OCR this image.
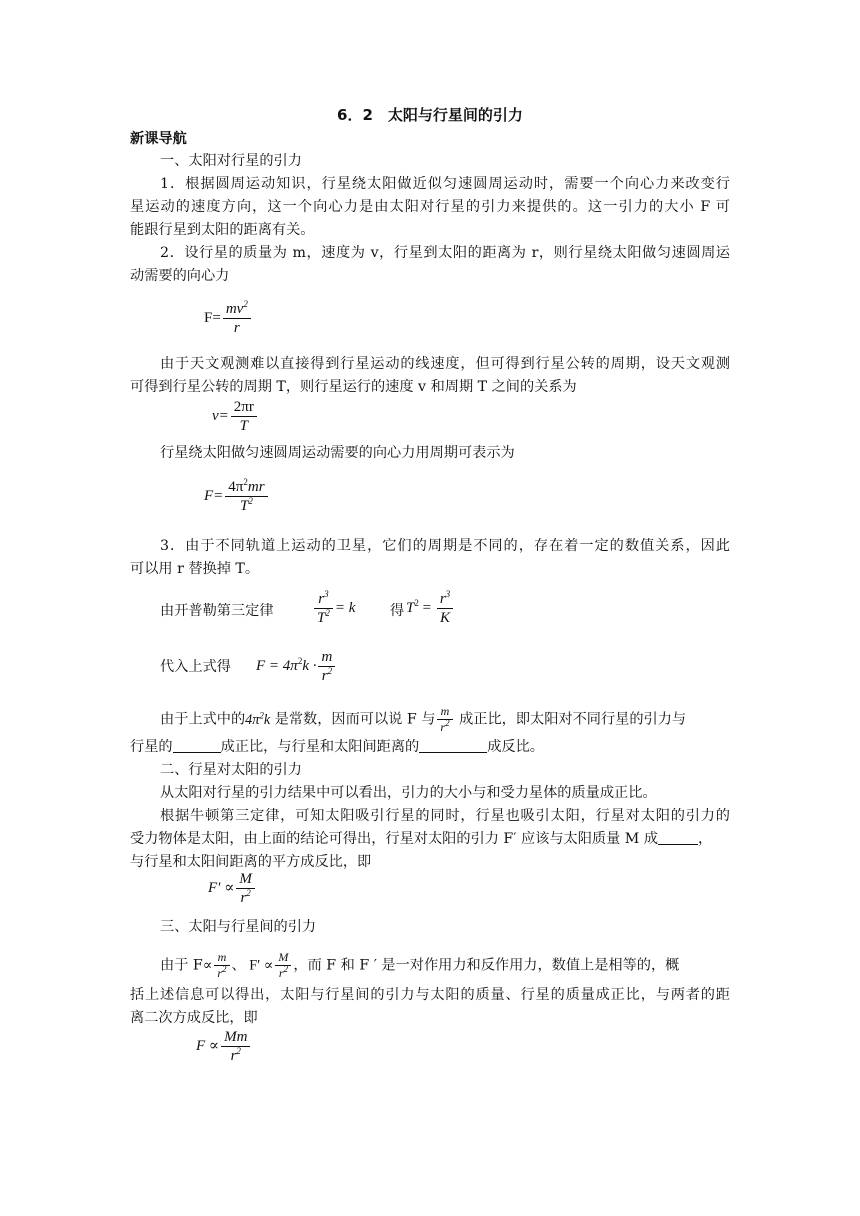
6．2　太阳与行星间的引力
新课导航
一、太阳对行星的引力
1．根据圆周运动知识，行星绕太阳做近似匀速圆周运动时，需要一个向心力来改变行
星运动的速度方向，这一个向心力是由太阳对行星的引力来提供的。这一引力的大小 F 可
能跟行星到太阳的距离有关。
2．设行星的质量为 m，速度为 v，行星到太阳的距离为 r，则行星绕太阳做匀速圆周运
动需要的向心力
$F= \frac{mv^2}{r}$
由于天文观测难以直接得到行星运动的线速度，但可得到行星公转的周期，设天文观测
可得到行星公转的周期 T，则行星运行的速度 v 和周期 T 之间的关系为
$v= \frac{2\pi r}{T}$
行星绕太阳做匀速圆周运动需要的向心力用周期可表示为
$F= \frac{4\pi^2mr}{T^2}$
3．由于不同轨道上运动的卫星，它们的周期是不同的，存在着一定的数值关系，因此
可以用 r 替换掉 T。
由开普勒第三定律	$\frac{r^3}{T^2} = k$ 得 $T^2 = \frac{r^3}{K}$
代入上式得	$F = 4\pi^2k \cdot \frac{m}{r^2}$
由于上式中的$4\pi^2k$ 是常数，因而可以说 F 与 $\frac{m}{r^2}$ 成正比，即太阳对不同行星的引力与
行星的	成正比，与行星和太阳间距离的	成反比。
二、行星对太阳的引力
从太阳对行星的引力结果中可以看出，引力的大小与和受力星体的质量成正比。
根据牛顿第三定律，可知太阳吸引行星的同时，行星也吸引太阳，行星对太阳的引力的
受力物体是太阳，由上面的结论可得出，行星对太阳的引力 F′ 应该与太阳质量 M 成	，
与行星和太阳间距离的平方成反比，即
$F' \propto \frac{M}{r^2}$
三、太阳与行星间的引力
由于 $F\propto \frac{m}{r^2}$ 、 $F' \propto \frac{M}{r^2}$ ，而 F 和 F ′ 是一对作用力和反作用力，数值上是相等的，概
括上述信息可以得出，太阳与行星间的引力与太阳的质量、行星的质量成正比，与两者的距
离二次方成反比，即
$F \propto \frac{Mm}{r^2}$
